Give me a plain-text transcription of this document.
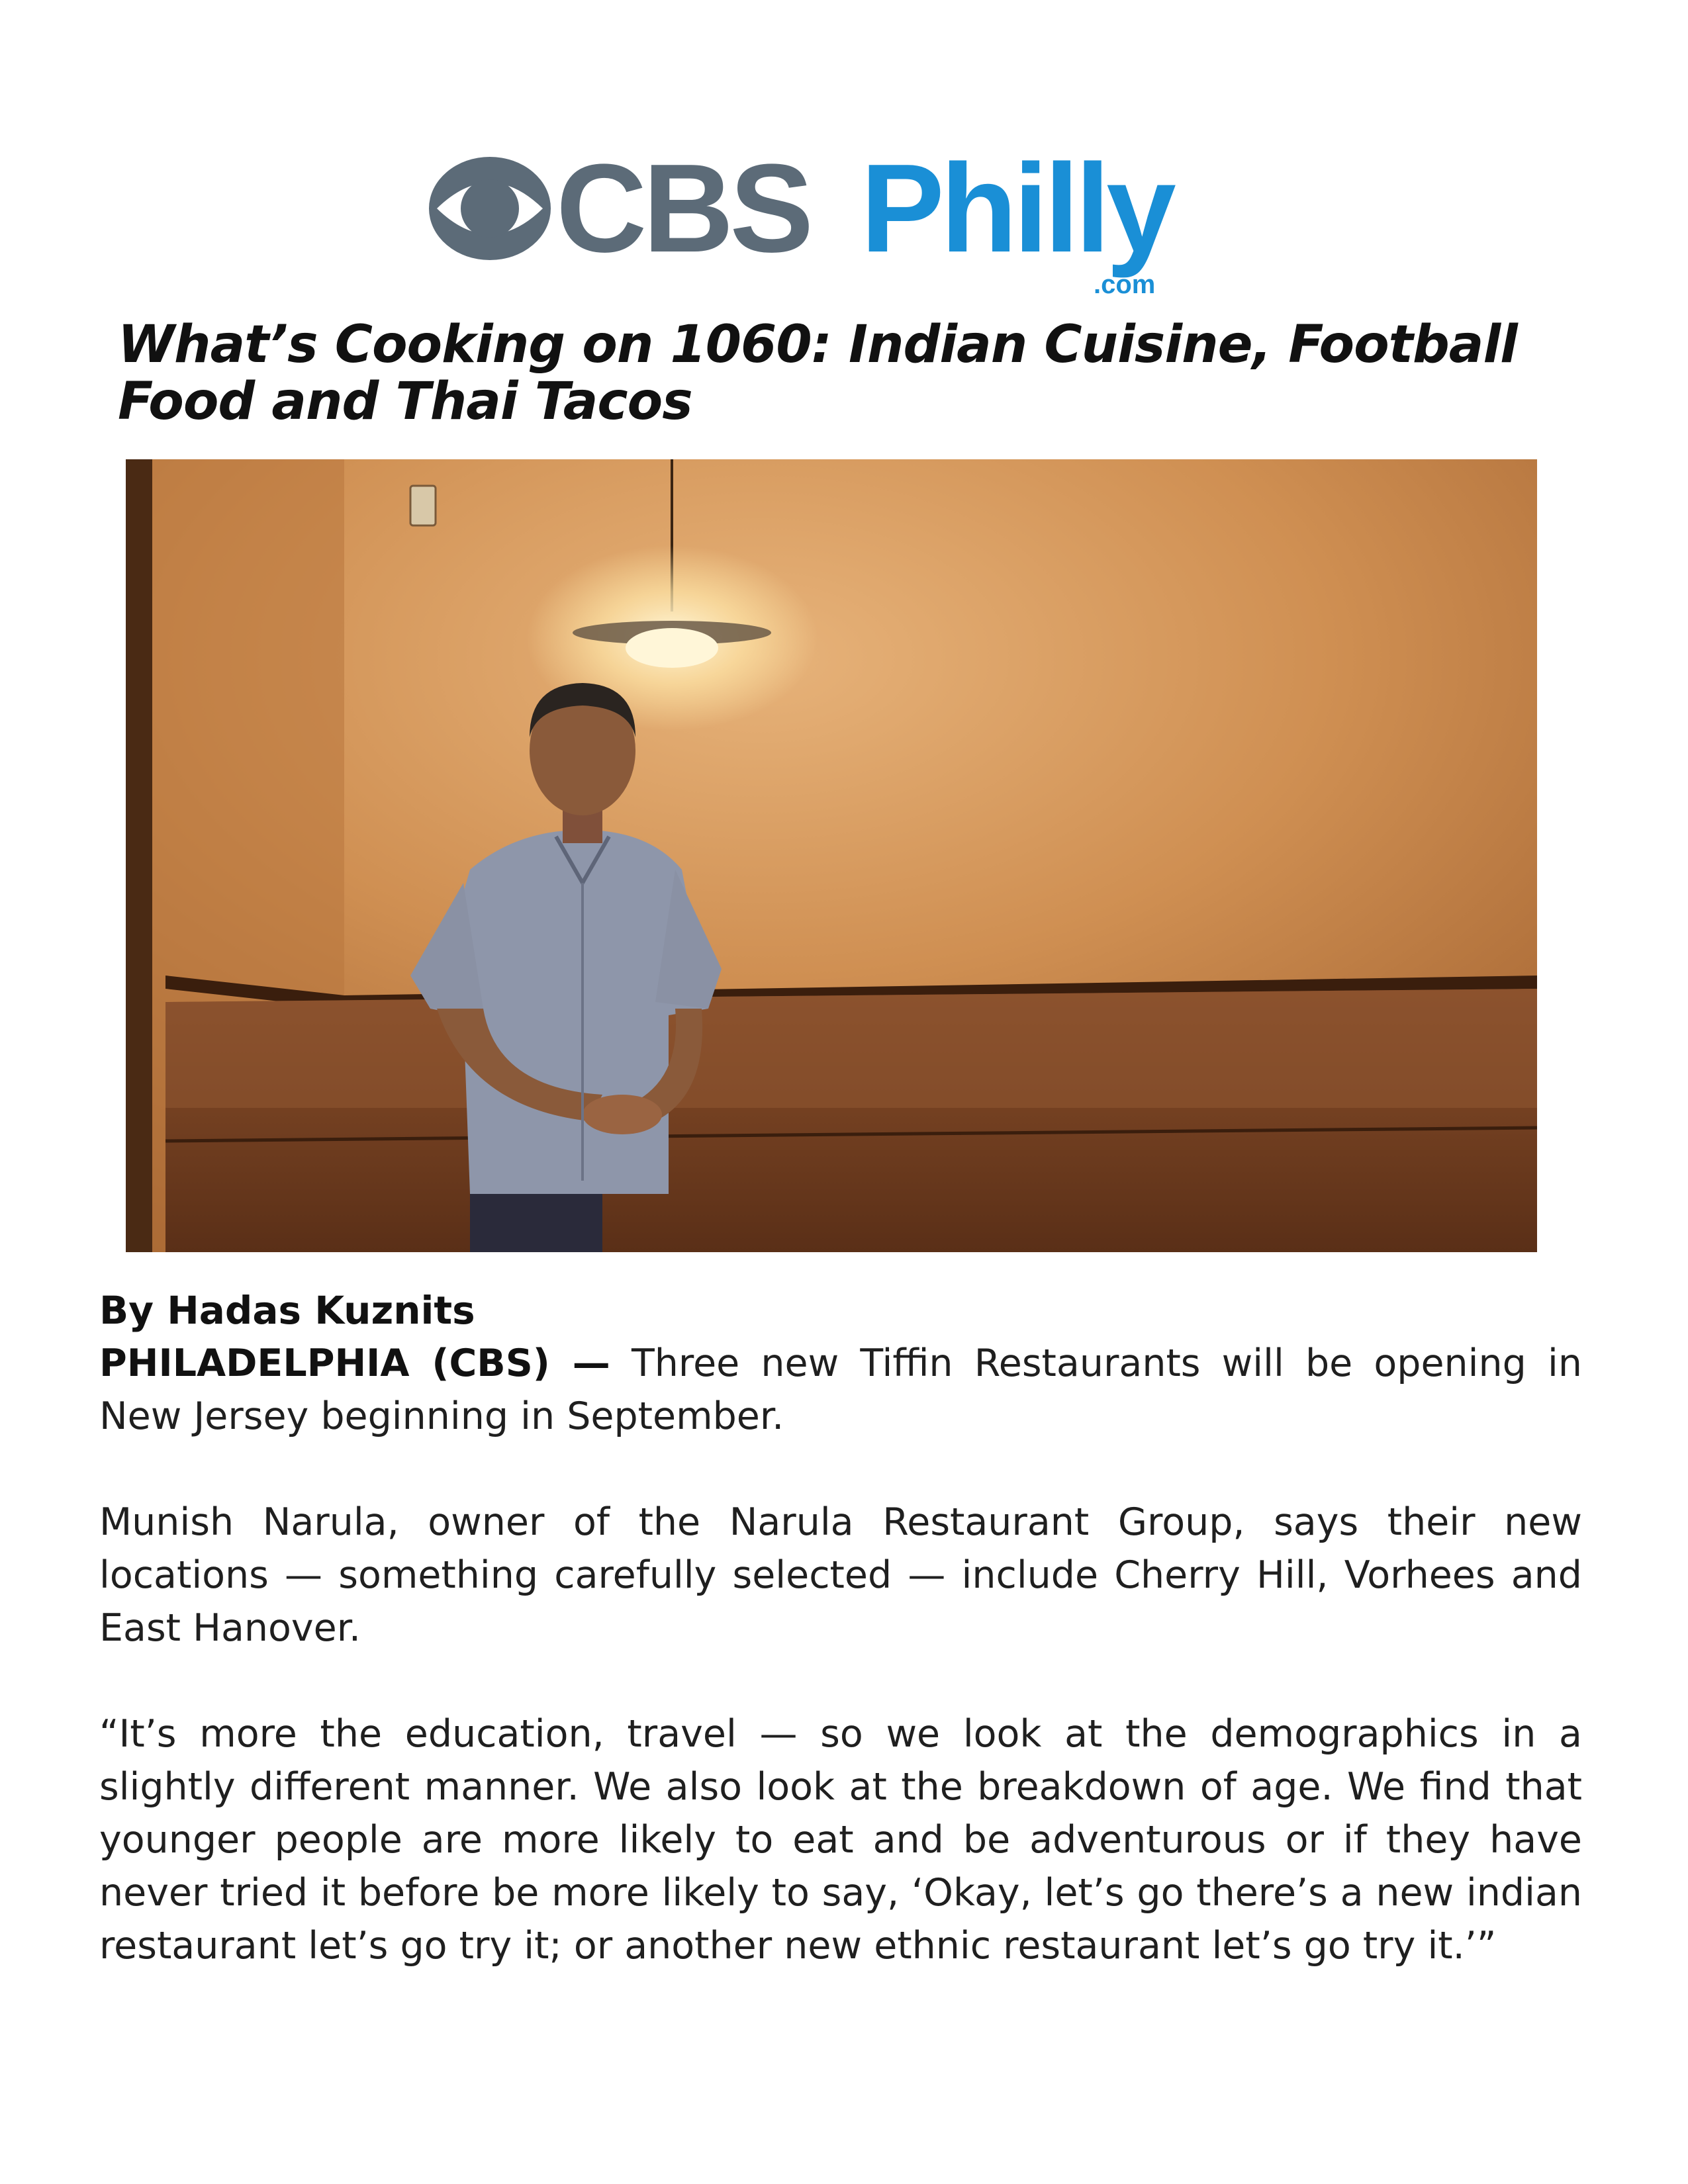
CBS Philly
.com
What’s Cooking on 1060: Indian Cuisine, Football Food and Thai Tacos

By Hadas Kuznits

PHILADELPHIA (CBS) — Three new Tiffin Restaurants will be opening in New Jersey beginning in September.

Munish Narula, owner of the Narula Restaurant Group, says their new locations — something carefully selected — include Cherry Hill, Vorhees and East Hanover.

“It’s more the education, travel — so we look at the demographics in a slightly different manner. We also look at the breakdown of age. We find that younger people are more likely to eat and be adventurous or if they have never tried it before be more likely to say, ‘Okay, let’s go there’s a new indian restaurant let’s go try it; or another new ethnic restaurant let’s go try it.’”
